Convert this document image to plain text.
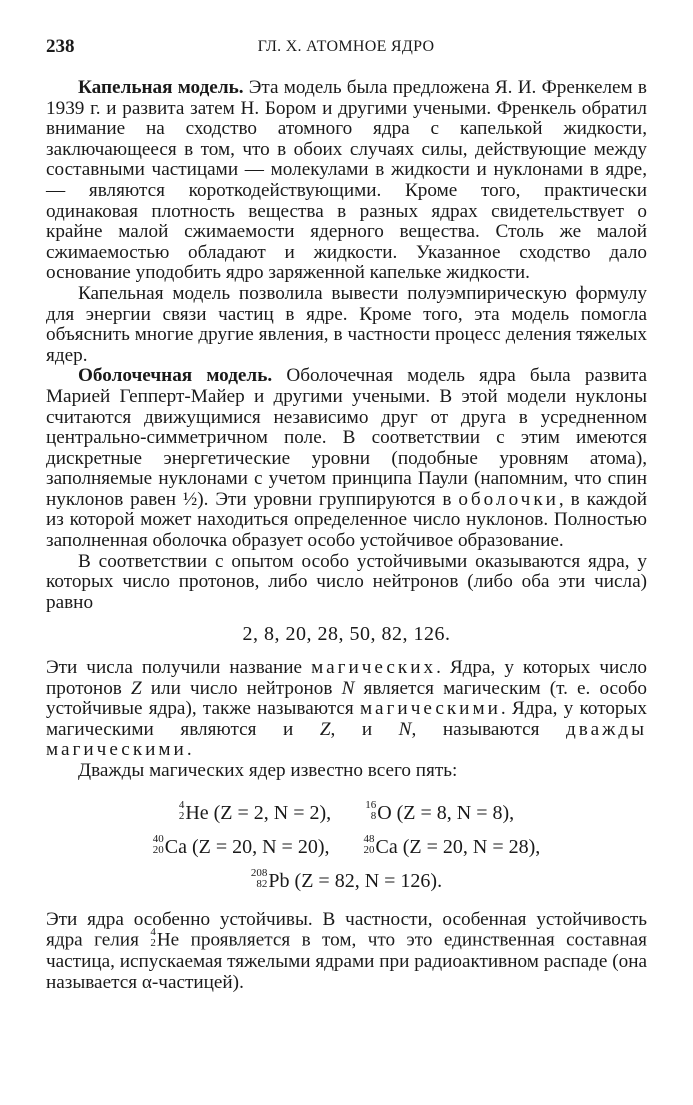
238	ГЛ. X. АТОМНОЕ ЯДРО

Капельная модель. Эта модель была предложена Я. И. Френкелем в 1939 г. и развита затем Н. Бором и другими учеными. Френкель обратил внимание на сходство атомного ядра с капелькой жидкости, заключающееся в том, что в обоих случаях силы, действующие между составными частицами — молекулами в жидкости и нуклонами в ядре, — являются короткодействующими. Кроме того, практически одинаковая плотность вещества в разных ядрах свидетельствует о крайне малой сжимаемости ядерного вещества. Столь же малой сжимаемостью обладают и жидкости. Указанное сходство дало основание уподобить ядро заряженной капельке жидкости.

Капельная модель позволила вывести полуэмпирическую формулу для энергии связи частиц в ядре. Кроме того, эта модель помогла объяснить многие другие явления, в частности процесс деления тяжелых ядер.

Оболочечная модель. Оболочечная модель ядра была развита Марией Гепперт-Майер и другими учеными. В этой модели нуклоны считаются движущимися независимо друг от друга в усредненном центрально-симметричном поле. В соответствии с этим имеются дискретные энергетические уровни (подобные уровням атома), заполняемые нуклонами с учетом принципа Паули (напомним, что спин нуклонов равен ½). Эти уровни группируются в оболочки, в каждой из которой может находиться определенное число нуклонов. Полностью заполненная оболочка образует особо устойчивое образование.

В соответствии с опытом особо устойчивыми оказываются ядра, у которых число протонов, либо число нейтронов (либо оба эти числа) равно

2, 8, 20, 28, 50, 82, 126.

Эти числа получили название магических. Ядра, у которых число протонов Z или число нейтронов N является магическим (т. е. особо устойчивые ядра), также называются магическими. Ядра, у которых магическими являются и Z, и N, называются дважды магическими.

Дважды магических ядер известно всего пять:

4
2 He (Z = 2, N = 2),	16
8 O (Z = 8, N = 8),
40
20 Ca (Z = 20, N = 20),	48
20 Ca (Z = 20, N = 28),
208
82 Pb (Z = 82, N = 126).

Эти ядра особенно устойчивы. В частности, особенная устойчивость ядра гелия 4
2 He проявляется в том, что это единственная составная частица, испускаемая тяжелыми ядрами при радиоактивном распаде (она называется α-частицей).
